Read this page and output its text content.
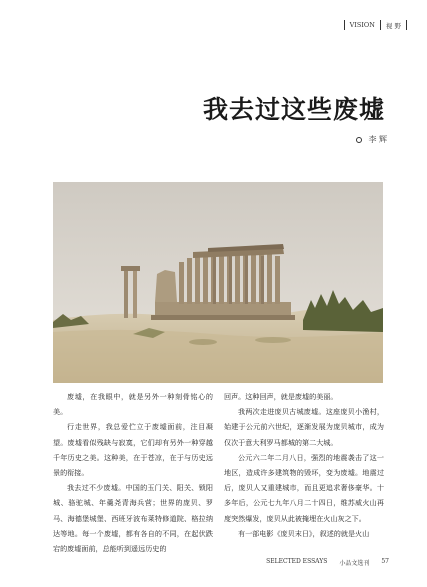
VISION 视 野
我去过这些废墟
李 辉

废墟，在我眼中，就是另外一种刻骨铭心的美。

行走世界，我总爱伫立于废墟面前，注目凝望。废墟看似残缺与寂寞，它们却有另外一种穿越千年历史之美。这种美，在于苍凉，在于与历史远景的衔接。

我去过不少废墟。中国的玉门关、阳关、锁阳城、骆驼城、年羹尧青海兵营；世界的庞贝、罗马、海德堡城堡、西班牙波布莱特修道院、格拉纳达等地。每一个废墟，都有各自的不同，在起伏跌宕的废墟面前，总能听到遥远历史的

回声。这种回声，就是废墟的美丽。

我两次走进庞贝古城废墟。这座庞贝小渔村，始建于公元前六世纪，逐渐发展为庞贝城市，成为仅次于意大利罗马都城的第二大城。

公元六二年二月八日，强烈的地震袭击了这一地区，造成许多建筑物的毁坏，变为废墟。地震过后，庞贝人又重建城市，而且更追求奢侈豪华。十多年后，公元七九年八月二十四日，维苏威火山再度突然爆发，庞贝从此被掩埋在火山灰之下。

有一部电影《庞贝末日》，叙述的就是火山

SELECTED ESSAYS 小品文选刊 57
